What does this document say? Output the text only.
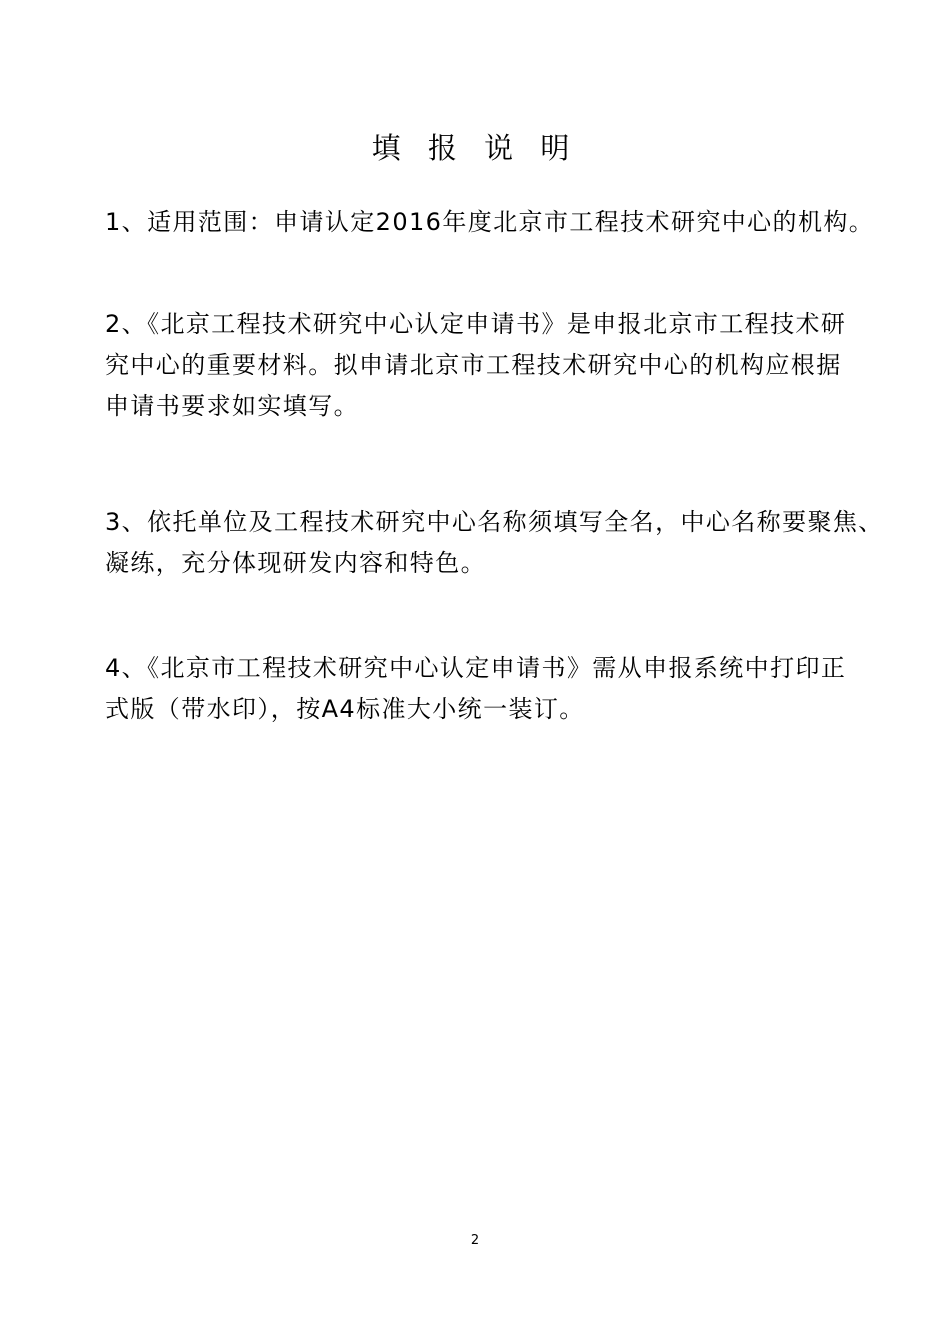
填 报 说 明
1、适用范围：申请认定2016年度北京市工程技术研究中心的机构。
2、《北京工程技术研究中心认定申请书》是申报北京市工程技术研
究中心的重要材料。拟申请北京市工程技术研究中心的机构应根据
申请书要求如实填写。
3、依托单位及工程技术研究中心名称须填写全名，中心名称要聚焦、
凝练，充分体现研发内容和特色。
4、《北京市工程技术研究中心认定申请书》需从申报系统中打印正
式版（带水印），按A4标准大小统一装订。
2
